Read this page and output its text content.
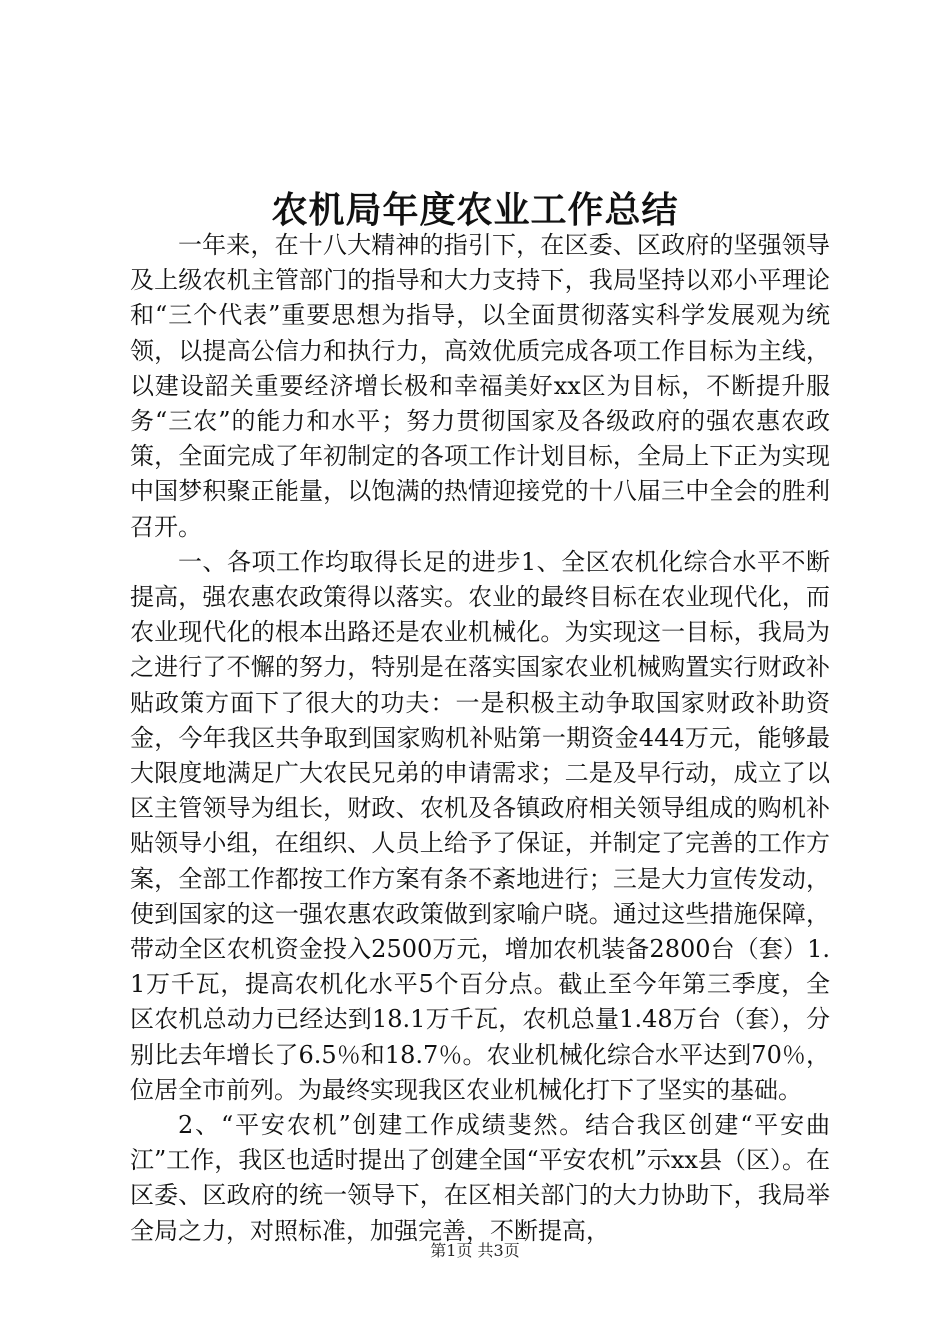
农机局年度农业工作总结

一年来，在十八大精神的指引下，在区委、区政府的坚强领导及上级农机主管部门的指导和大力支持下，我局坚持以邓小平理论和“三个代表”重要思想为指导，以全面贯彻落实科学发展观为统领，以提高公信力和执行力，高效优质完成各项工作目标为主线，以建设韶关重要经济增长极和幸福美好xx区为目标，不断提升服务“三农”的能力和水平；努力贯彻国家及各级政府的强农惠农政策，全面完成了年初制定的各项工作计划目标，全局上下正为实现中国梦积聚正能量，以饱满的热情迎接党的十八届三中全会的胜利召开。

一、各项工作均取得长足的进步1、全区农机化综合水平不断提高，强农惠农政策得以落实。农业的最终目标在农业现代化，而农业现代化的根本出路还是农业机械化。为实现这一目标，我局为之进行了不懈的努力，特别是在落实国家农业机械购置实行财政补贴政策方面下了很大的功夫：一是积极主动争取国家财政补助资金，今年我区共争取到国家购机补贴第一期资金444万元，能够最大限度地满足广大农民兄弟的申请需求；二是及早行动，成立了以区主管领导为组长，财政、农机及各镇政府相关领导组成的购机补贴领导小组，在组织、人员上给予了保证，并制定了完善的工作方案，全部工作都按工作方案有条不紊地进行；三是大力宣传发动，使到国家的这一强农惠农政策做到家喻户晓。通过这些措施保障，带动全区农机资金投入2500万元，增加农机装备2800台（套）1.1万千瓦，提高农机化水平5个百分点。截止至今年第三季度，全区农机总动力已经达到18.1万千瓦，农机总量1.48万台（套），分别比去年增长了6.5％和18.7％。农业机械化综合水平达到70％，位居全市前列。为最终实现我区农业机械化打下了坚实的基础。

2、“平安农机”创建工作成绩斐然。结合我区创建“平安曲江”工作，我区也适时提出了创建全国“平安农机”示xx县（区）。在区委、区政府的统一领导下，在区相关部门的大力协助下，我局举全局之力，对照标准，加强完善，不断提高，

第1页 共3页
